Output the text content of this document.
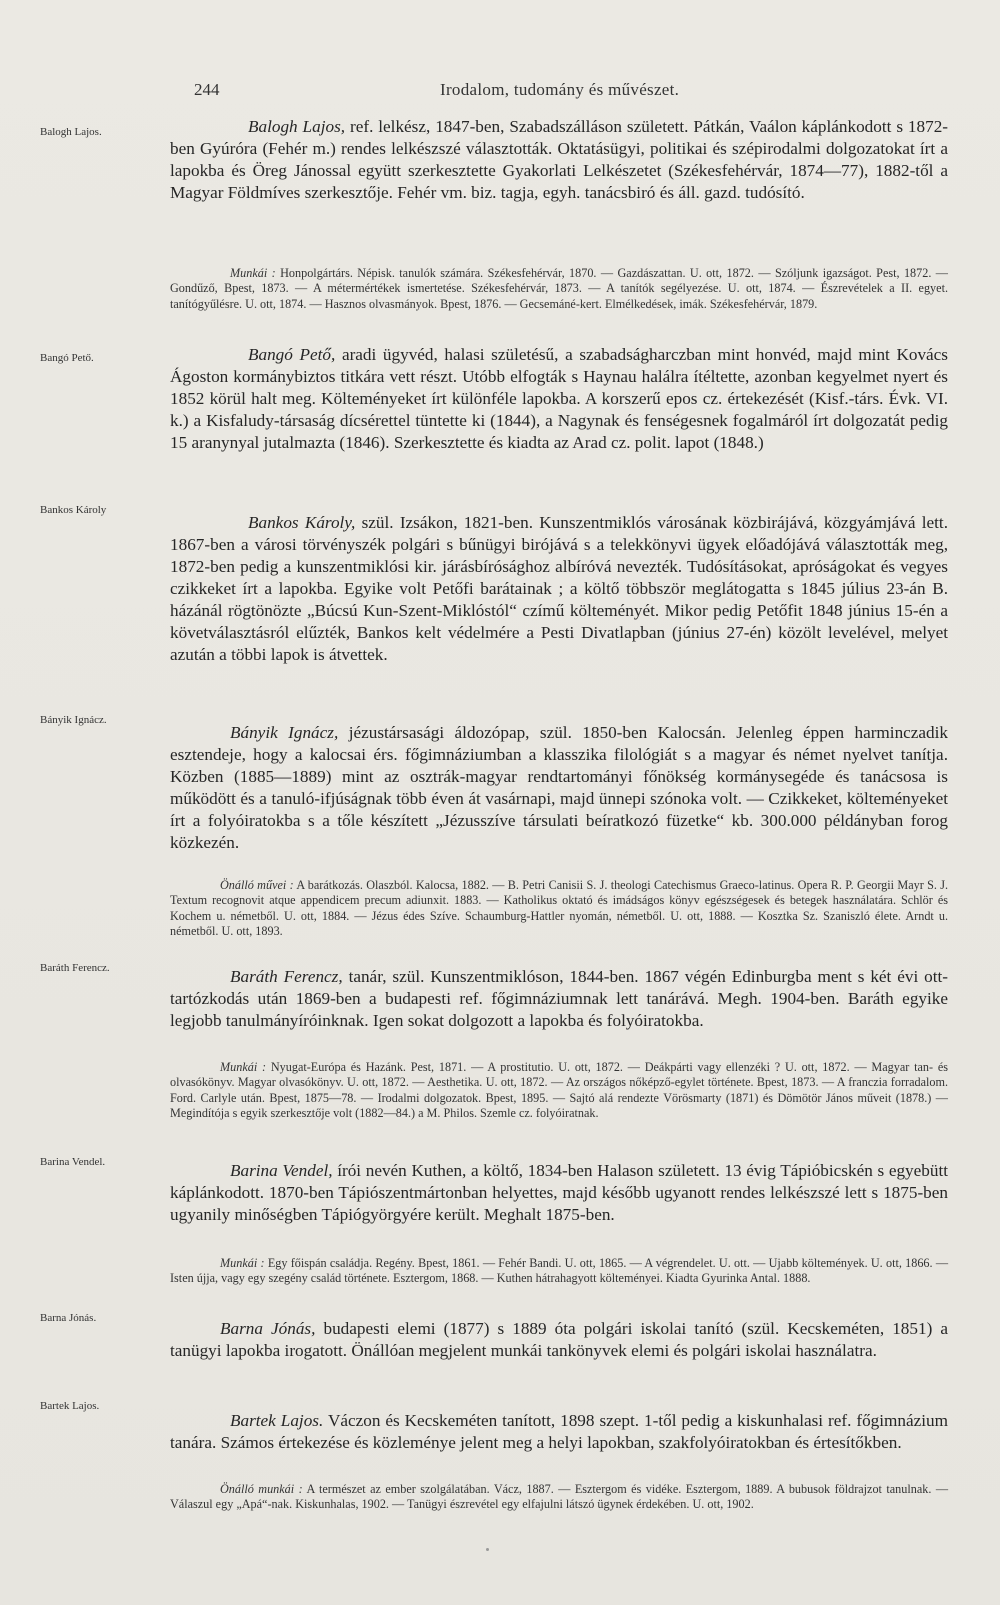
244	Irodalom, tudomány és művészet.
Balogh Lajos.	Balogh Lajos, ref. lelkész, 1847-ben, Szabadszálláson született. Pátkán, Vaálon káplánkodott s 1872-ben Gyúróra (Fehér m.) rendes lelkészszé választották. Oktatásügyi, politikai és szépirodalmi dolgozatokat írt a lapokba és Öreg Jánossal együtt szerkesztette Gyakorlati Lelkészetet (Székesfehérvár, 1874—77), 1882-től a Magyar Földmíves szerkesztője. Fehér vm. biz. tagja, egyh. tanácsbiró és áll. gazd. tudósító.

Munkái : Honpolgártárs. Népisk. tanulók számára. Székesfehérvár, 1870. — Gazdászattan. U. ott, 1872. — Szóljunk igazságot. Pest, 1872. — Gondűző, Bpest, 1873. — A métermértékek ismertetése. Székesfehérvár, 1873. — A tanítók segélyezése. U. ott, 1874. — Észrevételek a II. egyet. tanítógyűlésre. U. ott, 1874. — Hasznos olvasmányok. Bpest, 1876. — Gecsemáné-kert. Elmélkedések, imák. Székesfehérvár, 1879.

Bangó Pető.	Bangó Pető, aradi ügyvéd, halasi születésű, a szabadságharczban mint honvéd, majd mint Kovács Ágoston kormánybiztos titkára vett részt. Utóbb elfogták s Haynau halálra ítéltette, azonban kegyelmet nyert és 1852 körül halt meg. Költeményeket írt különféle lapokba. A korszerű epos cz. értekezését (Kisf.-társ. Évk. VI. k.) a Kisfaludy-társaság dícsérettel tüntette ki (1844), a Nagynak és fenségesnek fogalmáról írt dolgozatát pedig 15 aranynyal jutalmazta (1846). Szerkesztette és kiadta az Arad cz. polit. lapot (1848.)

Bankos Károly

Bankos Károly, szül. Izsákon, 1821-ben. Kunszentmiklós városának közbirájává, közgyámjává lett. 1867-ben a városi törvényszék polgári s bűnügyi birójává s a telekkönyvi ügyek előadójává választották meg, 1872-ben pedig a kunszentmiklósi kir. járásbírósághoz albíróvá nevezték. Tudósításokat, apróságokat és vegyes czikkeket írt a lapokba. Egyike volt Petőfi barátainak ; a költő többször meglátogatta s 1845 július 23-án B. házánál rögtönözte „Búcsú Kun-Szent-Miklóstól“ czímű költeményét. Mikor pedig Petőfit 1848 június 15-én a követválasztásról elűzték, Bankos kelt védelmére a Pesti Divatlapban (június 27-én) közölt levelével, melyet azután a többi lapok is átvettek.

Bányik Ignácz.

Bányik Ignácz, jézustársasági áldozópap, szül. 1850-ben Kalocsán. Jelenleg éppen harminczadik esztendeje, hogy a kalocsai érs. főgimnáziumban a klasszika filológiát s a magyar és német nyelvet tanítja. Közben (1885—1889) mint az osztrák-magyar rendtartományi főnökség kormánysegéde és tanácsosa is működött és a tanuló-ifjúságnak több éven át vasárnapi, majd ünnepi szónoka volt. — Czikkeket, költeményeket írt a folyóiratokba s a tőle készített „Jézusszíve társulati beíratkozó füzetke“ kb. 300.000 példányban forog közkezén.

Önálló művei : A barátkozás. Olaszból. Kalocsa, 1882. — B. Petri Canisii S. J. theologi Catechismus Graeco-latinus. Opera R. P. Georgii Mayr S. J. Textum recognovit atque appendicem precum adiunxit. 1883. — Katholikus oktató és imádságos könyv egészségesek és betegek használatára. Schlör és Kochem u. németből. U. ott, 1884. — Jézus édes Szíve. Schaumburg-Hattler nyomán, németből. U. ott, 1888. — Kosztka Sz. Szaniszló élete. Arndt u. németből. U. ott, 1893.

Baráth Ferencz.	Baráth Ferencz, tanár, szül. Kunszentmiklóson, 1844-ben. 1867 végén Edinburgba ment s két évi ott-tartózkodás után 1869-ben a budapesti ref. főgimnáziumnak lett tanárává. Megh. 1904-ben. Baráth egyike legjobb tanulmányíróinknak. Igen sokat dolgozott a lapokba és folyóiratokba.

Munkái : Nyugat-Európa és Hazánk. Pest, 1871. — A prostitutio. U. ott, 1872. — Deákpárti vagy ellenzéki ? U. ott, 1872. — Magyar tan- és olvasókönyv. Magyar olvasókönyv. U. ott, 1872. — Aesthetika. U. ott, 1872. — Az országos nőképző-egylet története. Bpest, 1873. — A franczia forradalom. Ford. Carlyle után. Bpest, 1875—78. — Irodalmi dolgozatok. Bpest, 1895. — Sajtó alá rendezte Vörösmarty (1871) és Dömötör János műveit (1878.) — Megindítója s egyik szerkesztője volt (1882—84.) a M. Philos. Szemle cz. folyóiratnak.

Barina Vendel.	Barina Vendel, írói nevén Kuthen, a költő, 1834-ben Halason született. 13 évig Tápióbicskén s egyebütt káplánkodott. 1870-ben Tápiószentmártonban helyettes, majd később ugyanott rendes lelkészszé lett s 1875-ben ugyanily minőségben Tápiógyörgyére került. Meghalt 1875-ben.

Munkái : Egy főispán családja. Regény. Bpest, 1861. — Fehér Bandi. U. ott, 1865. — A végrendelet. U. ott. — Ujabb költemények. U. ott, 1866. — Isten újja, vagy egy szegény család története. Esztergom, 1868. — Kuthen hátrahagyott költeményei. Kiadta Gyurinka Antal. 1888.

Barna Jónás.

Barna Jónás, budapesti elemi (1877) s 1889 óta polgári iskolai tanító (szül. Kecskeméten, 1851) a tanügyi lapokba irogatott. Önállóan megjelent munkái tankönyvek elemi és polgári iskolai használatra.

Bartek Lajos.

Bartek Lajos. Váczon és Kecskeméten tanított, 1898 szept. 1-től pedig a kiskunhalasi ref. főgimnázium tanára. Számos értekezése és közleménye jelent meg a helyi lapokban, szakfolyóiratokban és értesítőkben.

Önálló munkái : A természet az ember szolgálatában. Vácz, 1887. — Esztergom és vidéke. Esztergom, 1889. A bubusok földrajzot tanulnak. — Válaszul egy „Apá“-nak. Kiskunhalas, 1902. — Tanügyi észrevétel egy elfajulni látszó ügynek érdekében. U. ott, 1902.
